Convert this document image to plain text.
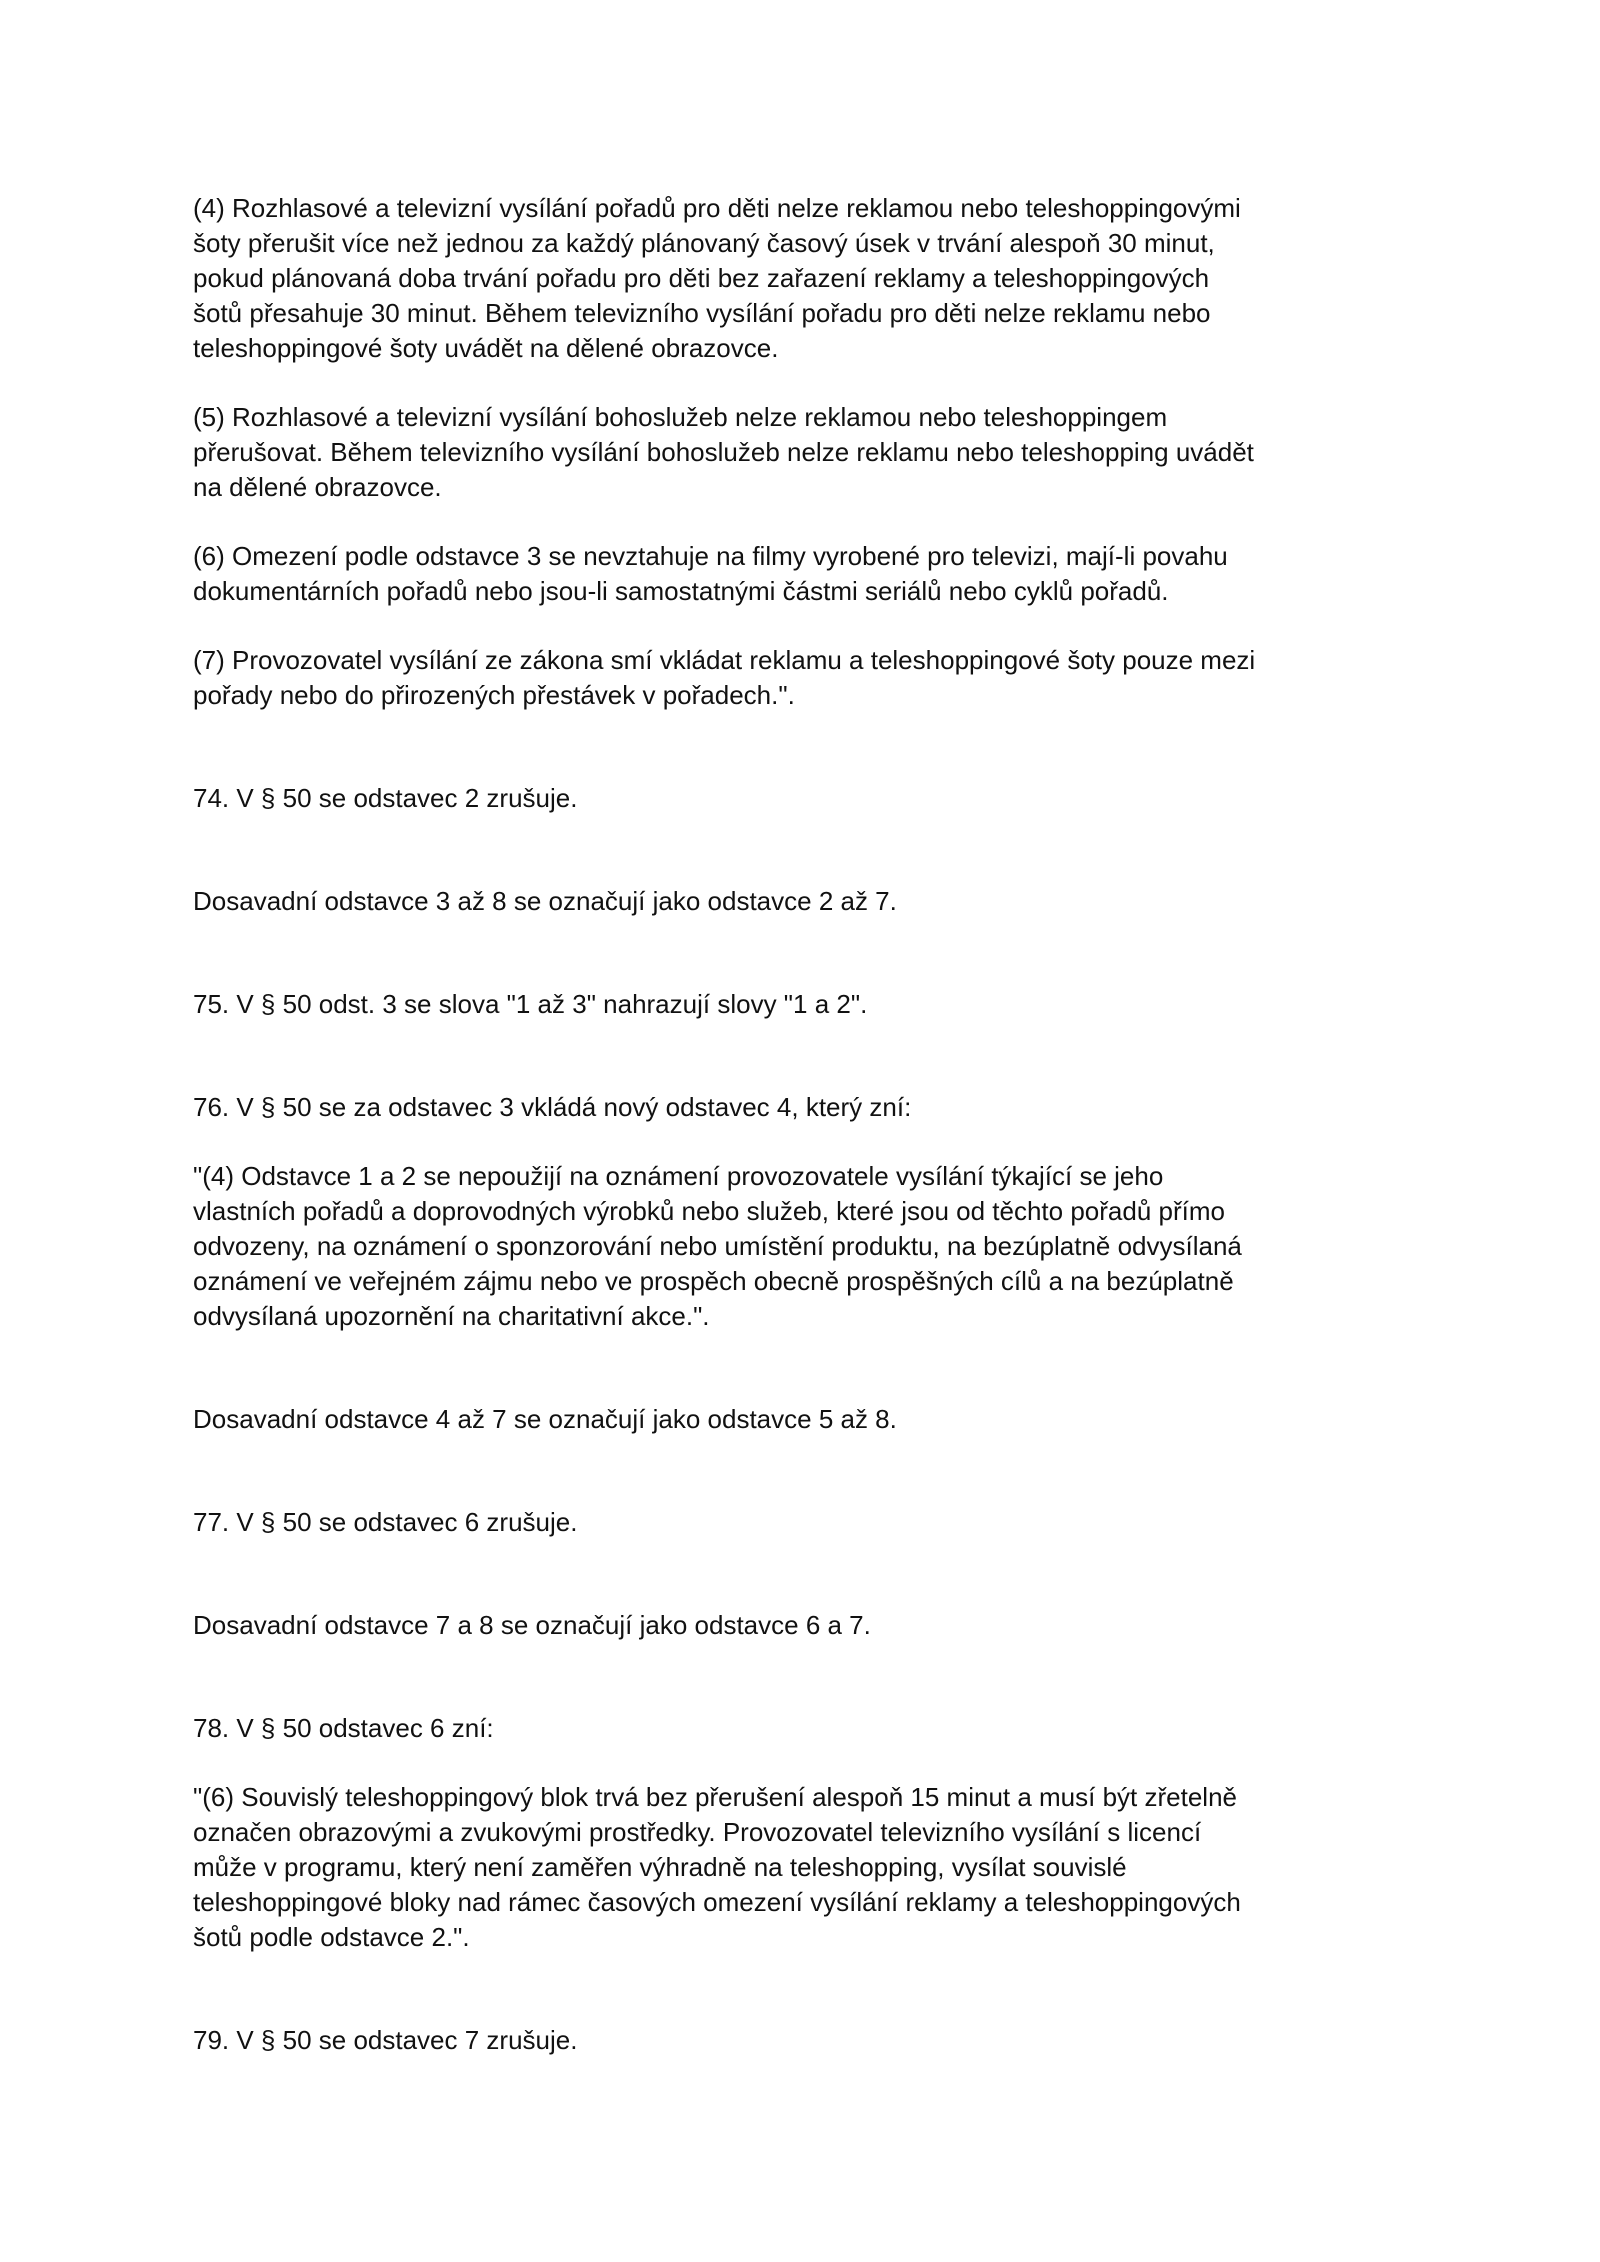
(4) Rozhlasové a televizní vysílání pořadů pro děti nelze reklamou nebo teleshoppingovými
šoty přerušit více než jednou za každý plánovaný časový úsek v trvání alespoň 30 minut,
pokud plánovaná doba trvání pořadu pro děti bez zařazení reklamy a teleshoppingových
šotů přesahuje 30 minut. Během televizního vysílání pořadu pro děti nelze reklamu nebo
teleshoppingové šoty uvádět na dělené obrazovce.

(5) Rozhlasové a televizní vysílání bohoslužeb nelze reklamou nebo teleshoppingem
přerušovat. Během televizního vysílání bohoslužeb nelze reklamu nebo teleshopping uvádět
na dělené obrazovce.

(6) Omezení podle odstavce 3 se nevztahuje na filmy vyrobené pro televizi, mají-li povahu
dokumentárních pořadů nebo jsou-li samostatnými částmi seriálů nebo cyklů pořadů.

(7) Provozovatel vysílání ze zákona smí vkládat reklamu a teleshoppingové šoty pouze mezi
pořady nebo do přirozených přestávek v pořadech.".

74. V § 50 se odstavec 2 zrušuje.

Dosavadní odstavce 3 až 8 se označují jako odstavce 2 až 7.

75. V § 50 odst. 3 se slova "1 až 3" nahrazují slovy "1 a 2".

76. V § 50 se za odstavec 3 vkládá nový odstavec 4, který zní:

"(4) Odstavce 1 a 2 se nepoužijí na oznámení provozovatele vysílání týkající se jeho
vlastních pořadů a doprovodných výrobků nebo služeb, které jsou od těchto pořadů přímo
odvozeny, na oznámení o sponzorování nebo umístění produktu, na bezúplatně odvysílaná
oznámení ve veřejném zájmu nebo ve prospěch obecně prospěšných cílů a na bezúplatně
odvysílaná upozornění na charitativní akce.".

Dosavadní odstavce 4 až 7 se označují jako odstavce 5 až 8.

77. V § 50 se odstavec 6 zrušuje.

Dosavadní odstavce 7 a 8 se označují jako odstavce 6 a 7.

78. V § 50 odstavec 6 zní:

"(6) Souvislý teleshoppingový blok trvá bez přerušení alespoň 15 minut a musí být zřetelně
označen obrazovými a zvukovými prostředky. Provozovatel televizního vysílání s licencí
může v programu, který není zaměřen výhradně na teleshopping, vysílat souvislé
teleshoppingové bloky nad rámec časových omezení vysílání reklamy a teleshoppingových
šotů podle odstavce 2.".

79. V § 50 se odstavec 7 zrušuje.
